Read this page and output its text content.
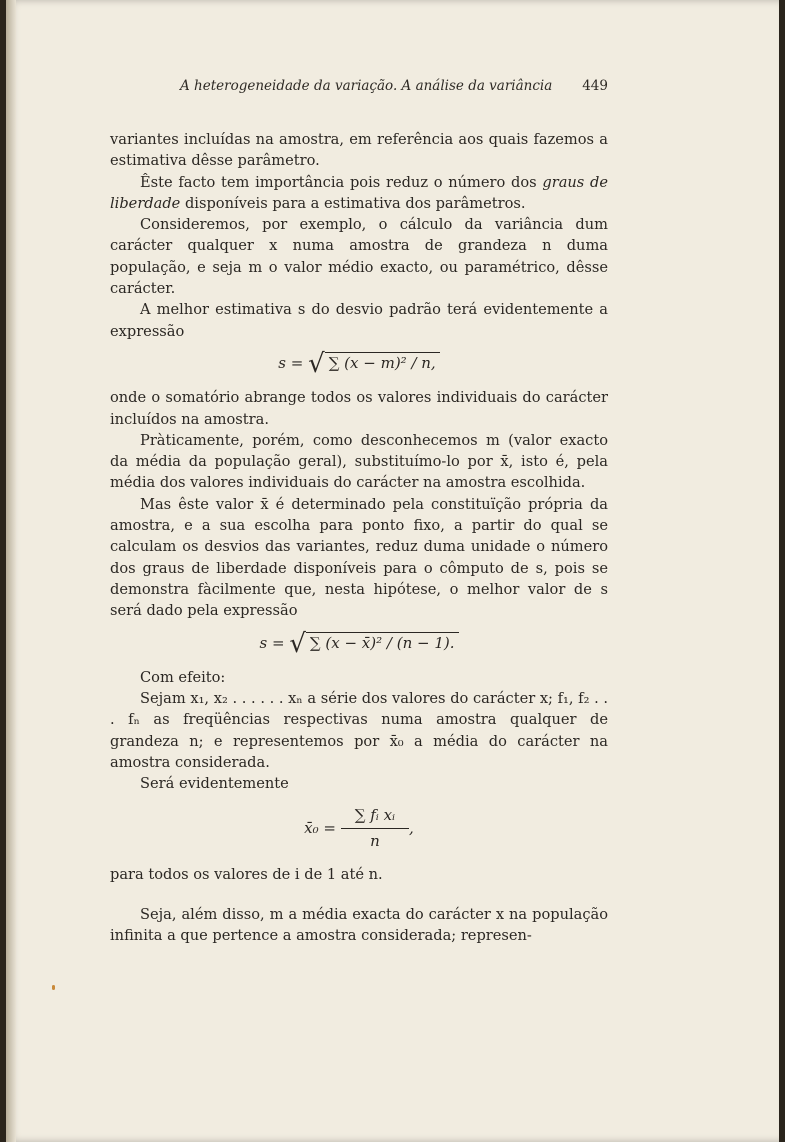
A heterogeneidade da variação. A análise da variância 449

variantes incluídas na amostra, em referência aos quais fazemos a estimativa dêsse parâmetro.

Êste facto tem importância pois reduz o número dos graus de liberdade disponíveis para a estimativa dos parâmetros.

Consideremos, por exemplo, o cálculo da variância dum carácter qualquer x numa amostra de grandeza n duma população, e seja m o valor médio exacto, ou paramétrico, dêsse carácter.

A melhor estimativa s do desvio padrão terá evidentemente a expressão

s = √ ∑ (x − m)² / n,

onde o somatório abrange todos os valores individuais do carácter incluídos na amostra.

Pràticamente, porém, como desconhecemos m (valor exacto da média da população geral), substituímo-lo por x̄, isto é, pela média dos valores individuais do carácter na amostra escolhida.

Mas êste valor x̄ é determinado pela constituïção própria da amostra, e a sua escolha para ponto fixo, a partir do qual se calculam os desvios das variantes, reduz duma unidade o número dos graus de liberdade disponíveis para o cômputo de s, pois se demonstra fàcilmente que, nesta hipótese, o melhor valor de s será dado pela expressão

s = √ ∑ (x − x̄)² / (n − 1).

Com efeito:

Sejam x₁, x₂ . . . . . . xₙ a série dos valores do carácter x; f₁, f₂ . . . fₙ as freqüências respectivas numa amostra qualquer de grandeza n; e representemos por x̄₀ a média do carácter na amostra considerada.

Será evidentemente

x̄₀ = $\frac{\text{∑ fᵢ xᵢ}}{n}$ ,

para todos os valores de i de 1 até n.

Seja, além disso, m a média exacta do carácter x na população infinita a que pertence a amostra considerada; represen-
